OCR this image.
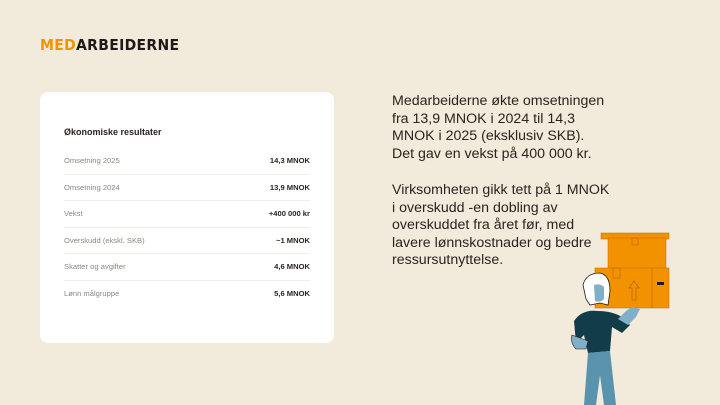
MEDARBEIDERNE
Økonomiske resultater
Omsetning 2025	14,3 MNOK
Omsetning 2024	13,9 MNOK
Vekst	+400 000 kr
Overskudd (ekskl. SKB)	~1 MNOK
Skatter og avgifter	4,6 MNOK
Lønn målgruppe	5,6 MNOK
Medarbeiderne økte omsetningen
fra 13,9 MNOK i 2024 til 14,3
MNOK i 2025 (eksklusiv SKB).
Det gav en vekst på 400 000 kr.
Virksomheten gikk tett på 1 MNOK
i overskudd -en dobling av
overskuddet fra året før, med
lavere lønnskostnader og bedre
ressursutnyttelse.
